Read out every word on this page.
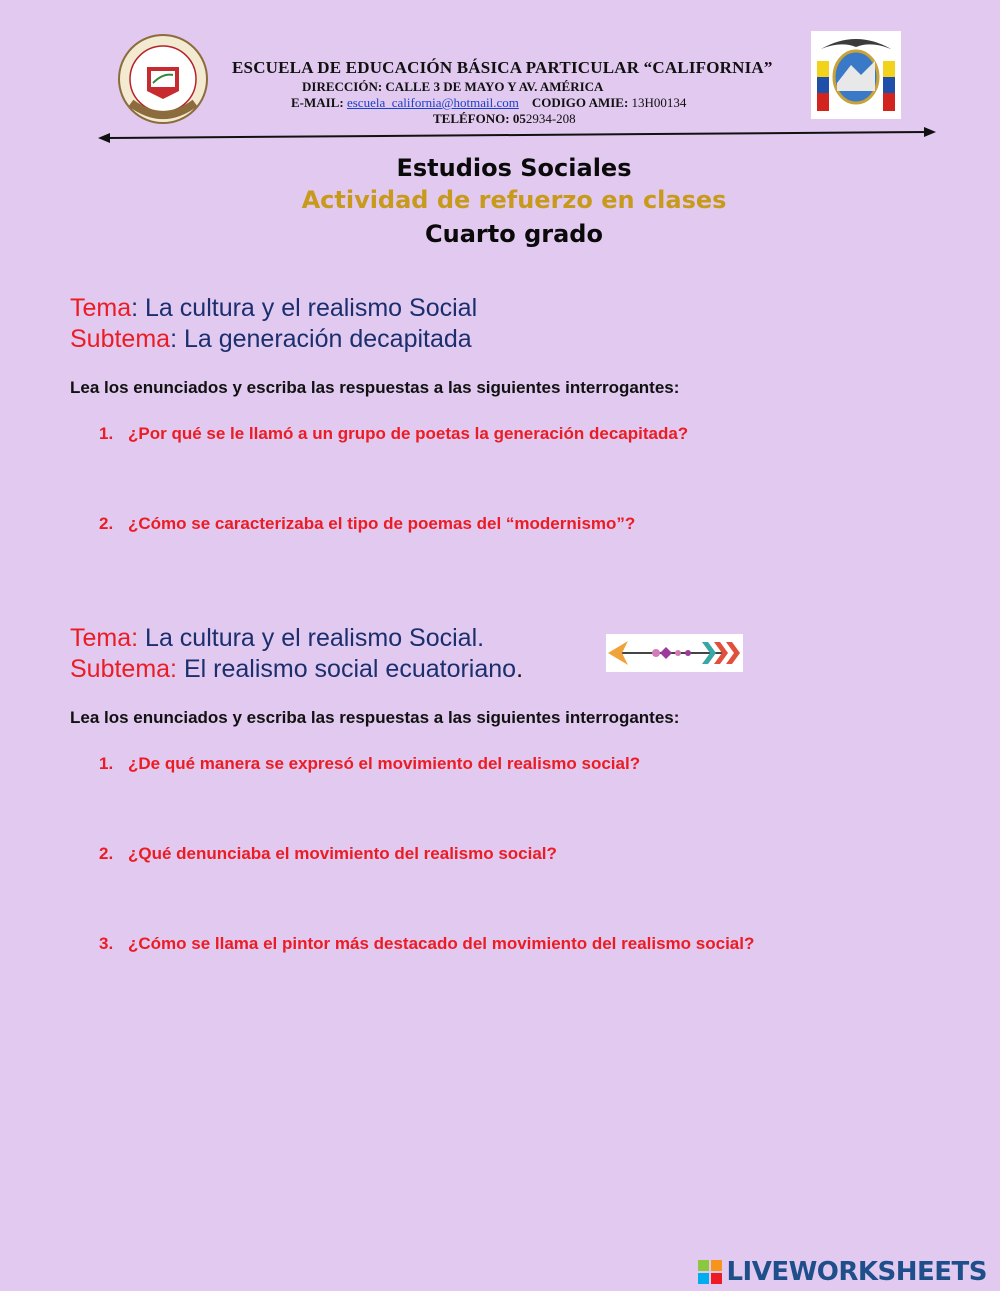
ESCUELA DE EDUCACIÓN BÁSICA PARTICULAR “CALIFORNIA”
DIRECCIÓN: CALLE 3 DE MAYO Y AV. AMÉRICA
E-MAIL: escuela_california@hotmail.com CODIGO AMIE: 13H00134
TELÉFONO: 052934-208
Estudios Sociales
Actividad de refuerzo en clases
Cuarto grado
Tema: La cultura y el realismo Social
Subtema: La generación decapitada
Lea los enunciados y escriba las respuestas a las siguientes interrogantes:
1. ¿Por qué se le llamó a un grupo de poetas la generación decapitada?
2. ¿Cómo se caracterizaba el tipo de poemas del “modernismo”?
Tema: La cultura y el realismo Social.
Subtema: El realismo social ecuatoriano.
Lea los enunciados y escriba las respuestas a las siguientes interrogantes:
1. ¿De qué manera se expresó el movimiento del realismo social?
2. ¿Qué denunciaba el movimiento del realismo social?
3. ¿Cómo se llama el pintor más destacado del movimiento del realismo social?
LIVEWORKSHEETS
